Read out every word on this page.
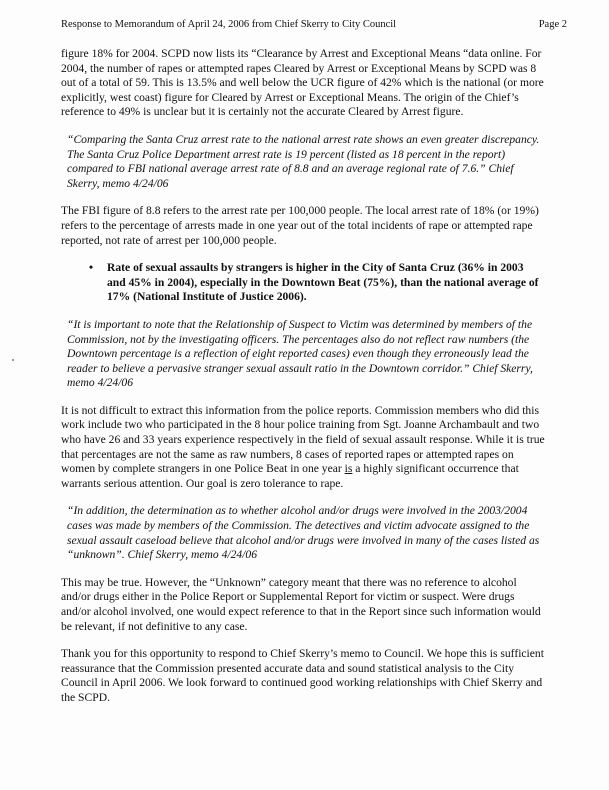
Response to Memorandum of April 24, 2006 from Chief Skerry to City Council	Page 2

figure 18% for 2004. SCPD now lists its “Clearance by Arrest and Exceptional Means “data online. For 2004, the number of rapes or attempted rapes Cleared by Arrest or Exceptional Means by SCPD was 8 out of a total of 59. This is 13.5% and well below the UCR figure of 42% which is the national (or more explicitly, west coast) figure for Cleared by Arrest or Exceptional Means. The origin of the Chief’s reference to 49% is unclear but it is certainly not the accurate Cleared by Arrest figure.

“Comparing the Santa Cruz arrest rate to the national arrest rate shows an even greater discrepancy. The Santa Cruz Police Department arrest rate is 19 percent (listed as 18 percent in the report) compared to FBI national average arrest rate of 8.8 and an average regional rate of 7.6.” Chief Skerry, memo 4/24/06

The FBI figure of 8.8 refers to the arrest rate per 100,000 people. The local arrest rate of 18% (or 19%) refers to the percentage of arrests made in one year out of the total incidents of rape or attempted rape reported, not rate of arrest per 100,000 people.

• Rate of sexual assaults by strangers is higher in the City of Santa Cruz (36% in 2003 and 45% in 2004), especially in the Downtown Beat (75%), than the national average of 17% (National Institute of Justice 2006).

“It is important to note that the Relationship of Suspect to Victim was determined by members of the Commission, not by the investigating officers. The percentages also do not reflect raw numbers (the Downtown percentage is a reflection of eight reported cases) even though they erroneously lead the reader to believe a pervasive stranger sexual assault ratio in the Downtown corridor.” Chief Skerry, memo 4/24/06

It is not difficult to extract this information from the police reports. Commission members who did this work include two who participated in the 8 hour police training from Sgt. Joanne Archambault and two who have 26 and 33 years experience respectively in the field of sexual assault response. While it is true that percentages are not the same as raw numbers, 8 cases of reported rapes or attempted rapes on women by complete strangers in one Police Beat in one year is a highly significant occurrence that warrants serious attention. Our goal is zero tolerance to rape.

“In addition, the determination as to whether alcohol and/or drugs were involved in the 2003/2004 cases was made by members of the Commission. The detectives and victim advocate assigned to the sexual assault caseload believe that alcohol and/or drugs were involved in many of the cases listed as “unknown”. Chief Skerry, memo 4/24/06

This may be true. However, the “Unknown” category meant that there was no reference to alcohol and/or drugs either in the Police Report or Supplemental Report for victim or suspect. Were drugs and/or alcohol involved, one would expect reference to that in the Report since such information would be relevant, if not definitive to any case.

Thank you for this opportunity to respond to Chief Skerry’s memo to Council. We hope this is sufficient reassurance that the Commission presented accurate data and sound statistical analysis to the City Council in April 2006. We look forward to continued good working relationships with Chief Skerry and the SCPD.
